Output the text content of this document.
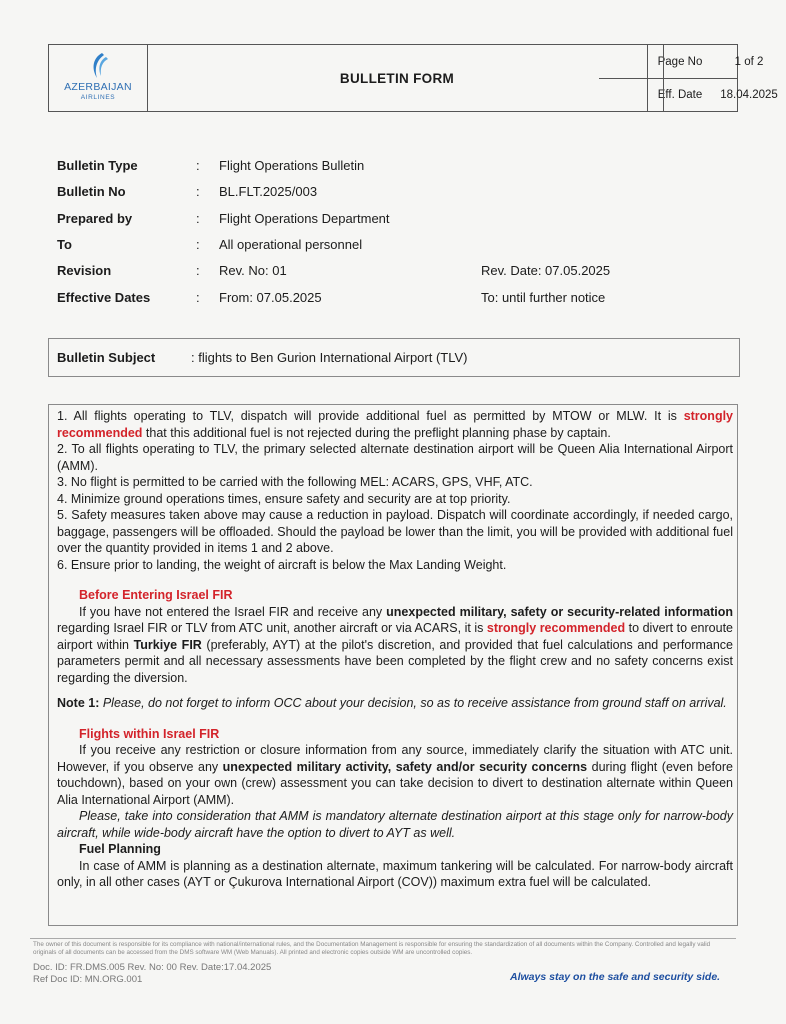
AZERBAIJAN
AIRLINES
BULLETIN FORM
Page No	1 of 2
Eff. Date	18.04.2025
Bulletin Type	: Flight Operations Bulletin
Bulletin No	: BL.FLT.2025/003
Prepared by	: Flight Operations Department
To	: All operational personnel
Revision	: Rev. No: 01	Rev. Date: 07.05.2025
Effective Dates	: From: 07.05.2025	To: until further notice
Bulletin Subject	: flights to Ben Gurion International Airport (TLV)

1. All flights operating to TLV, dispatch will provide additional fuel as permitted by MTOW or MLW. It is strongly recommended that this additional fuel is not rejected during the preflight planning phase by captain.

2. To all flights operating to TLV, the primary selected alternate destination airport will be Queen Alia International Airport (AMM).

3. No flight is permitted to be carried with the following MEL: ACARS, GPS, VHF, ATC.

4. Minimize ground operations times, ensure safety and security are at top priority.

5. Safety measures taken above may cause a reduction in payload. Dispatch will coordinate accordingly, if needed cargo, baggage, passengers will be offloaded. Should the payload be lower than the limit, you will be provided with additional fuel over the quantity provided in items 1 and 2 above.

6. Ensure prior to landing, the weight of aircraft is below the Max Landing Weight.

Before Entering Israel FIR

If you have not entered the Israel FIR and receive any unexpected military, safety or security-related information regarding Israel FIR or TLV from ATC unit, another aircraft or via ACARS, it is strongly recommended to divert to enroute airport within Turkiye FIR (preferably, AYT) at the pilot's discretion, and provided that fuel calculations and performance parameters permit and all necessary assessments have been completed by the flight crew and no safety concerns exist regarding the diversion.

Note 1: Please, do not forget to inform OCC about your decision, so as to receive assistance from ground staff on arrival.

Flights within Israel FIR

If you receive any restriction or closure information from any source, immediately clarify the situation with ATC unit. However, if you observe any unexpected military activity, safety and/or security concerns during flight (even before touchdown), based on your own (crew) assessment you can take decision to divert to destination alternate within Queen Alia International Airport (AMM).

Please, take into consideration that AMM is mandatory alternate destination airport at this stage only for narrow-body aircraft, while wide-body aircraft have the option to divert to AYT as well.

Fuel Planning

In case of AMM is planning as a destination alternate, maximum tankering will be calculated. For narrow-body aircraft only, in all other cases (AYT or Çukurova International Airport (COV)) maximum extra fuel will be calculated.

The owner of this document is responsible for its compliance with national/international rules, and the Documentation Management is responsible for ensuring the standardization of all documents within the Company. Controlled and legally valid originals of all documents can be accessed from the DMS software WM (Web Manuals). All printed and electronic copies outside WM are uncontrolled copies.
Doc. ID: FR.DMS.005 Rev. No: 00 Rev. Date:17.04.2025
Ref Doc ID: MN.ORG.001	Always stay on the safe and security side.
